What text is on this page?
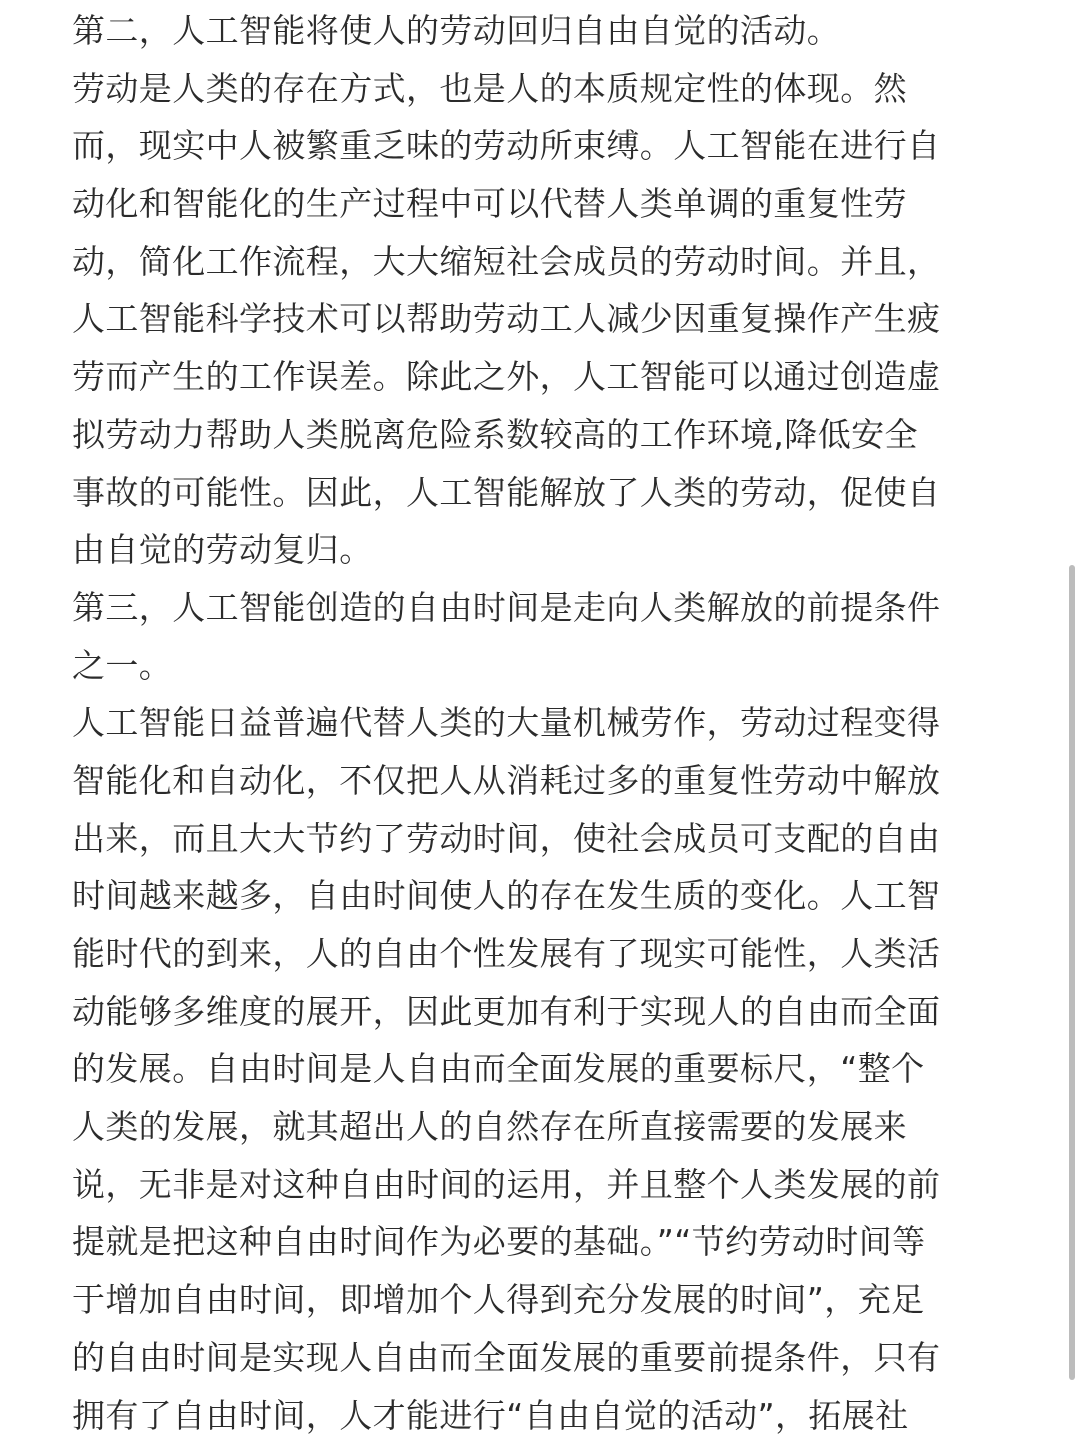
第二，人工智能将使人的劳动回归自由自觉的活动。
劳动是人类的存在方式，也是人的本质规定性的体现。然
而，现实中人被繁重乏味的劳动所束缚。人工智能在进行自
动化和智能化的生产过程中可以代替人类单调的重复性劳
动，简化工作流程，大大缩短社会成员的劳动时间。并且，
人工智能科学技术可以帮助劳动工人减少因重复操作产生疲
劳而产生的工作误差。除此之外，人工智能可以通过创造虚
拟劳动力帮助人类脱离危险系数较高的工作环境,降低安全
事故的可能性。因此，人工智能解放了人类的劳动，促使自
由自觉的劳动复归。
第三，人工智能创造的自由时间是走向人类解放的前提条件
之一。
人工智能日益普遍代替人类的大量机械劳作，劳动过程变得
智能化和自动化，不仅把人从消耗过多的重复性劳动中解放
出来，而且大大节约了劳动时间，使社会成员可支配的自由
时间越来越多，自由时间使人的存在发生质的变化。人工智
能时代的到来，人的自由个性发展有了现实可能性，人类活
动能够多维度的展开，因此更加有利于实现人的自由而全面
的发展。自由时间是人自由而全面发展的重要标尺，“整个
人类的发展，就其超出人的自然存在所直接需要的发展来
说，无非是对这种自由时间的运用，并且整个人类发展的前
提就是把这种自由时间作为必要的基础。”“节约劳动时间等
于增加自由时间，即增加个人得到充分发展的时间”，充足
的自由时间是实现人自由而全面发展的重要前提条件，只有
拥有了自由时间，人才能进行“自由自觉的活动”，拓展社
